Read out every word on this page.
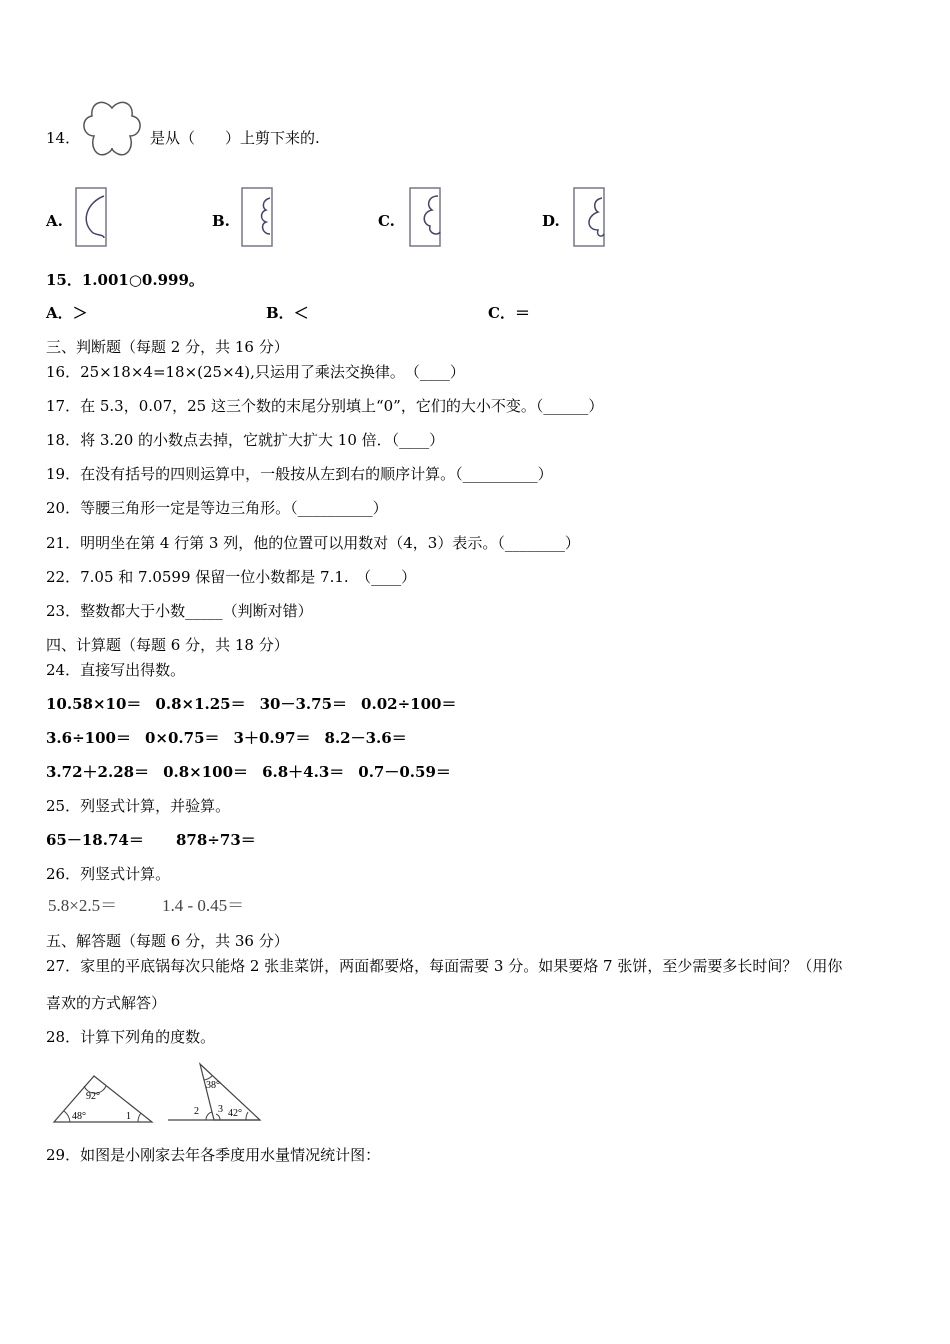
14．	是从（　　）上剪下来的.
A.	B.	C.	D.
15．1.001○0.999。
A．＞	B．＜	C．＝
三、判断题（每题 2 分，共 16 分）
16．25×18×4=18×(25×4),只运用了乘法交换律。　（____）
17．在 5.3，0.07，25 这三个数的末尾分别填上“0”，它们的大小不变。（______）
18．将 3.20 的小数点去掉，它就扩大扩大 10 倍．（____）
19．在没有括号的四则运算中，一般按从左到右的顺序计算。（__________）
20．等腰三角形一定是等边三角形。（__________）
21．明明坐在第 4 行第 3 列，他的位置可以用数对（4，3）表示。（________）
22．7.05 和 7.0599 保留一位小数都是 7.1.　（____）
23．整数都大于小数_____（判断对错）
四、计算题（每题 6 分，共 18 分）
24．直接写出得数。
10.58×10＝ 0.8×1.25＝ 30－3.75＝ 0.02÷100＝
3.6÷100＝ 0×0.75＝ 3＋0.97＝ 8.2－3.6＝
3.72＋2.28＝ 0.8×100＝ 6.8＋4.3＝ 0.7－0.59＝
25．列竖式计算，并验算。
65－18.74＝ 878÷73＝
26．列竖式计算。
5.8×2.5＝	1.4 - 0.45＝
五、解答题（每题 6 分，共 36 分）
27．家里的平底锅每次只能烙 2 张韭菜饼，两面都要烙，每面需要 3 分。如果要烙 7 张饼，至少需要多长时间？（用你
喜欢的方式解答）
28．计算下列角的度数。
92°
48°	1
38°
2 3 42°
29．如图是小刚家去年各季度用水量情况统计图：
